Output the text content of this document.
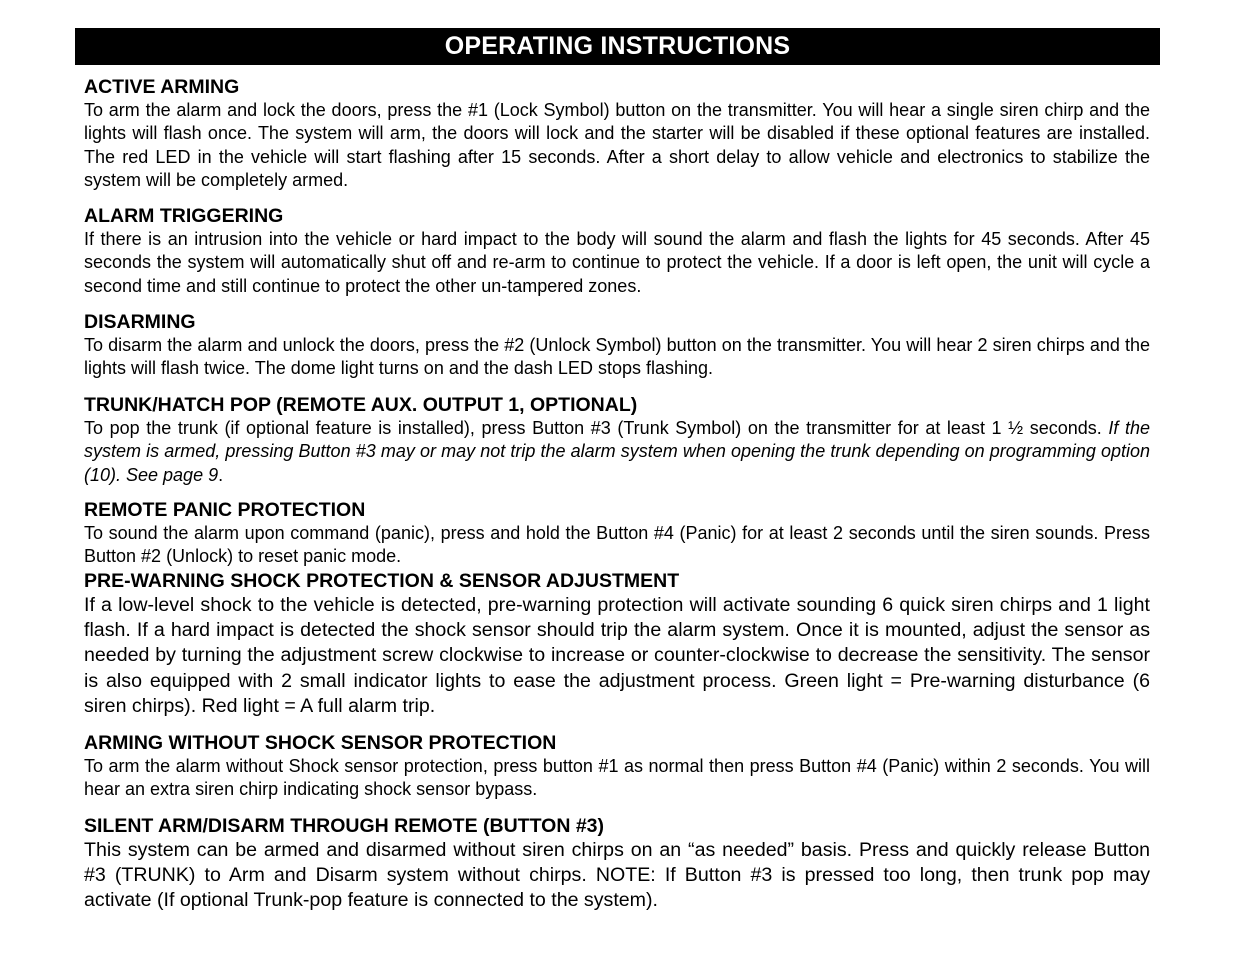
OPERATING INSTRUCTIONS
ACTIVE ARMING

To arm the alarm and lock the doors, press the #1 (Lock Symbol) button on the transmitter. You will hear a single siren chirp and the lights will flash once. The system will arm, the doors will lock and the starter will be disabled if these optional features are installed. The red LED in the vehicle will start flashing after 15 seconds. After a short delay to allow vehicle and electronics to stabilize the system will be completely armed.

ALARM TRIGGERING

If there is an intrusion into the vehicle or hard impact to the body will sound the alarm and flash the lights for 45 seconds. After 45 seconds the system will automatically shut off and re-arm to continue to protect the vehicle. If a door is left open, the unit will cycle a second time and still continue to protect the other un-tampered zones.

DISARMING

To disarm the alarm and unlock the doors, press the #2 (Unlock Symbol) button on the transmitter. You will hear 2 siren chirps and the lights will flash twice. The dome light turns on and the dash LED stops flashing.

TRUNK/HATCH POP (REMOTE AUX. OUTPUT 1, OPTIONAL)

To pop the trunk (if optional feature is installed), press Button #3 (Trunk Symbol) on the transmitter for at least 1 ½ seconds. If the system is armed, pressing Button #3 may or may not trip the alarm system when opening the trunk depending on programming option (10). See page 9.

REMOTE PANIC PROTECTION

To sound the alarm upon command (panic), press and hold the Button #4 (Panic) for at least 2 seconds until the siren sounds. Press Button #2 (Unlock) to reset panic mode.

PRE-WARNING SHOCK PROTECTION & SENSOR ADJUSTMENT

If a low-level shock to the vehicle is detected, pre-warning protection will activate sounding 6 quick siren chirps and 1 light flash. If a hard impact is detected the shock sensor should trip the alarm system. Once it is mounted, adjust the sensor as needed by turning the adjustment screw clockwise to increase or counter-clockwise to decrease the sensitivity. The sensor is also equipped with 2 small indicator lights to ease the adjustment process. Green light = Pre-warning disturbance (6 siren chirps). Red light = A full alarm trip.

ARMING WITHOUT SHOCK SENSOR PROTECTION

To arm the alarm without Shock sensor protection, press button #1 as normal then press Button #4 (Panic) within 2 seconds. You will hear an extra siren chirp indicating shock sensor bypass.

SILENT ARM/DISARM THROUGH REMOTE (BUTTON #3)

This system can be armed and disarmed without siren chirps on an “as needed” basis. Press and quickly release Button #3 (TRUNK) to Arm and Disarm system without chirps. NOTE: If Button #3 is pressed too long, then trunk pop may activate (If optional Trunk-pop feature is connected to the system).
